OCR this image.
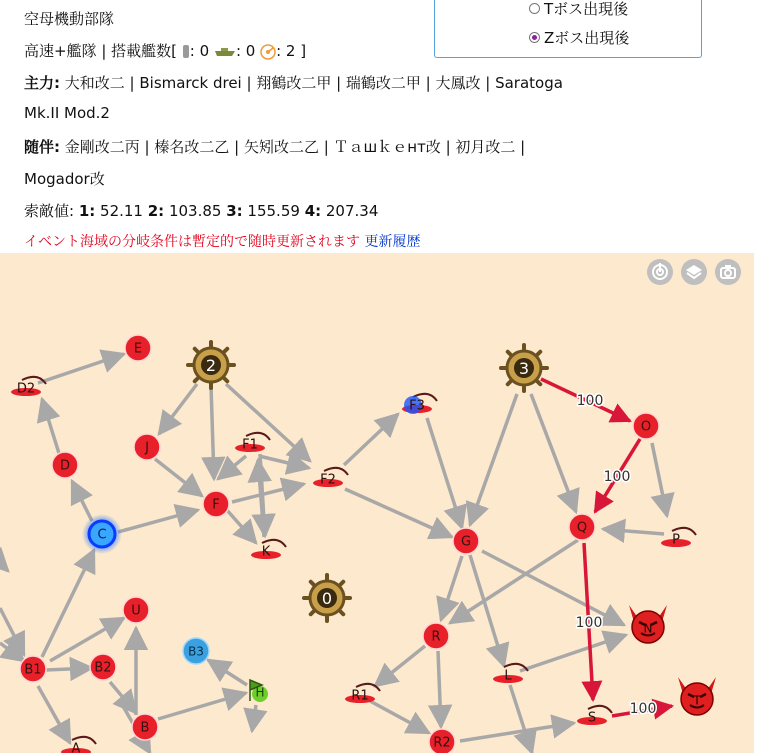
空母機動部隊
高速+艦隊 | 搭載艦数[ : 0 : 0 : 2 ]
主力: 大和改二 | Bismarck drei | 翔鶴改二甲 | 瑞鶴改二甲 | 大鳳改 | Saratoga
Mk.II Mod.2
随伴: 金剛改二丙 | 榛名改二乙 | 矢矧改二乙 | Ｔａшｋｅнт改 | 初月改二 |
Mogador改
索敵値: 1: 52.11 2: 103.85 3: 155.59 4: 207.34
イベント海域の分岐条件は暫定的で随時更新されます 更新履歴
Tボス出現後
Zボス出現後
100
100
100
100
E
D2
D
C
J	F1
F
K
F2
F3
G
O
Q
P
N
R
L
R1
R2
S
T
U
B1	B2
B
B3
H
A
0
2	3
